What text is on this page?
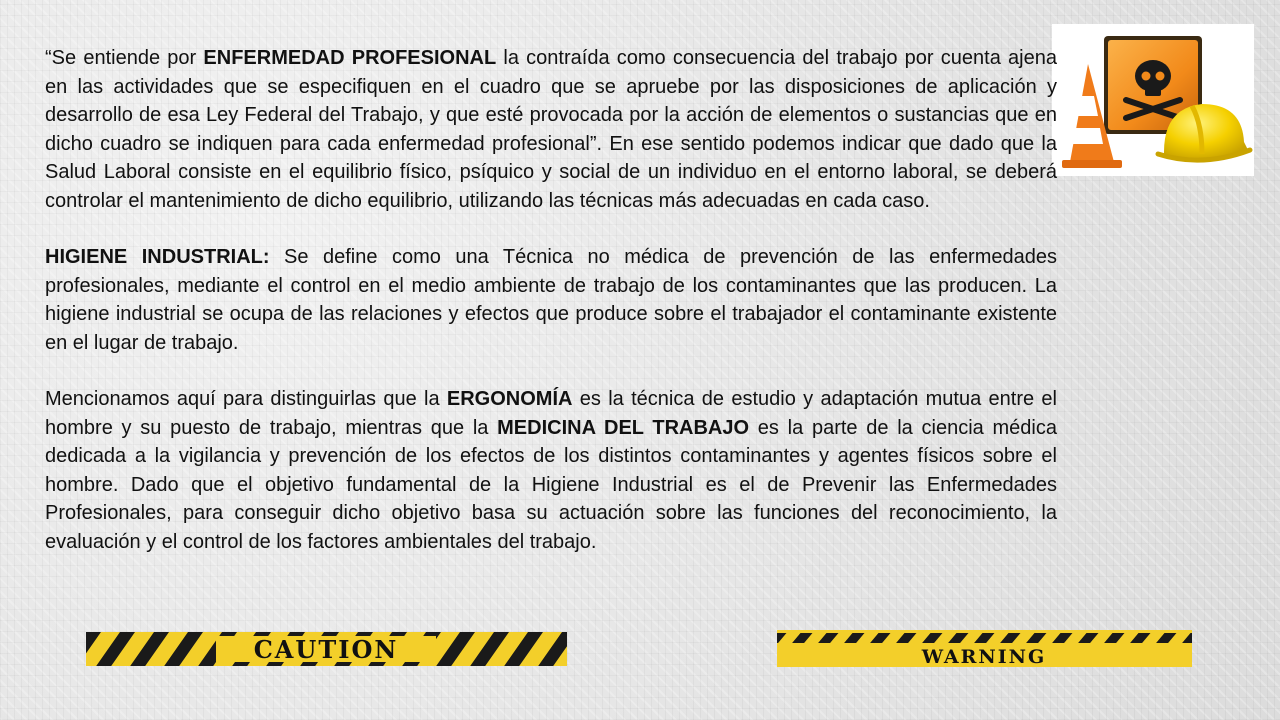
“Se entiende por ENFERMEDAD PROFESIONAL la contraída como consecuencia del trabajo por cuenta ajena en las actividades que se especifiquen en el cuadro que se apruebe por las disposiciones de aplicación y desarrollo de esa Ley Federal del Trabajo, y que esté provocada por la acción de elementos o sustancias que en dicho cuadro se indiquen para cada enfermedad profesional”. En ese sentido podemos indicar que dado que la Salud Laboral consiste en el equilibrio físico, psíquico y social de un individuo en el entorno laboral, se deberá controlar el mantenimiento de dicho equilibrio, utilizando las técnicas más adecuadas en cada caso.

HIGIENE INDUSTRIAL: Se define como una Técnica no médica de prevención de las enfermedades profesionales, mediante el control en el medio ambiente de trabajo de los contaminantes que las producen. La higiene industrial se ocupa de las relaciones y efectos que produce sobre el trabajador el contaminante existente en el lugar de trabajo.

Mencionamos aquí para distinguirlas que la ERGONOMÍA es la técnica de estudio y adaptación mutua entre el hombre y su puesto de trabajo, mientras que la MEDICINA DEL TRABAJO es la parte de la ciencia médica dedicada a la vigilancia y prevención de los efectos de los distintos contaminantes y agentes físicos sobre el hombre. Dado que el objetivo fundamental de la Higiene Industrial es el de Prevenir las Enfermedades Profesionales, para conseguir dicho objetivo basa su actuación sobre las funciones del reconocimiento, la evaluación y el control de los factores ambientales del trabajo.

CAUTION	WARNING
